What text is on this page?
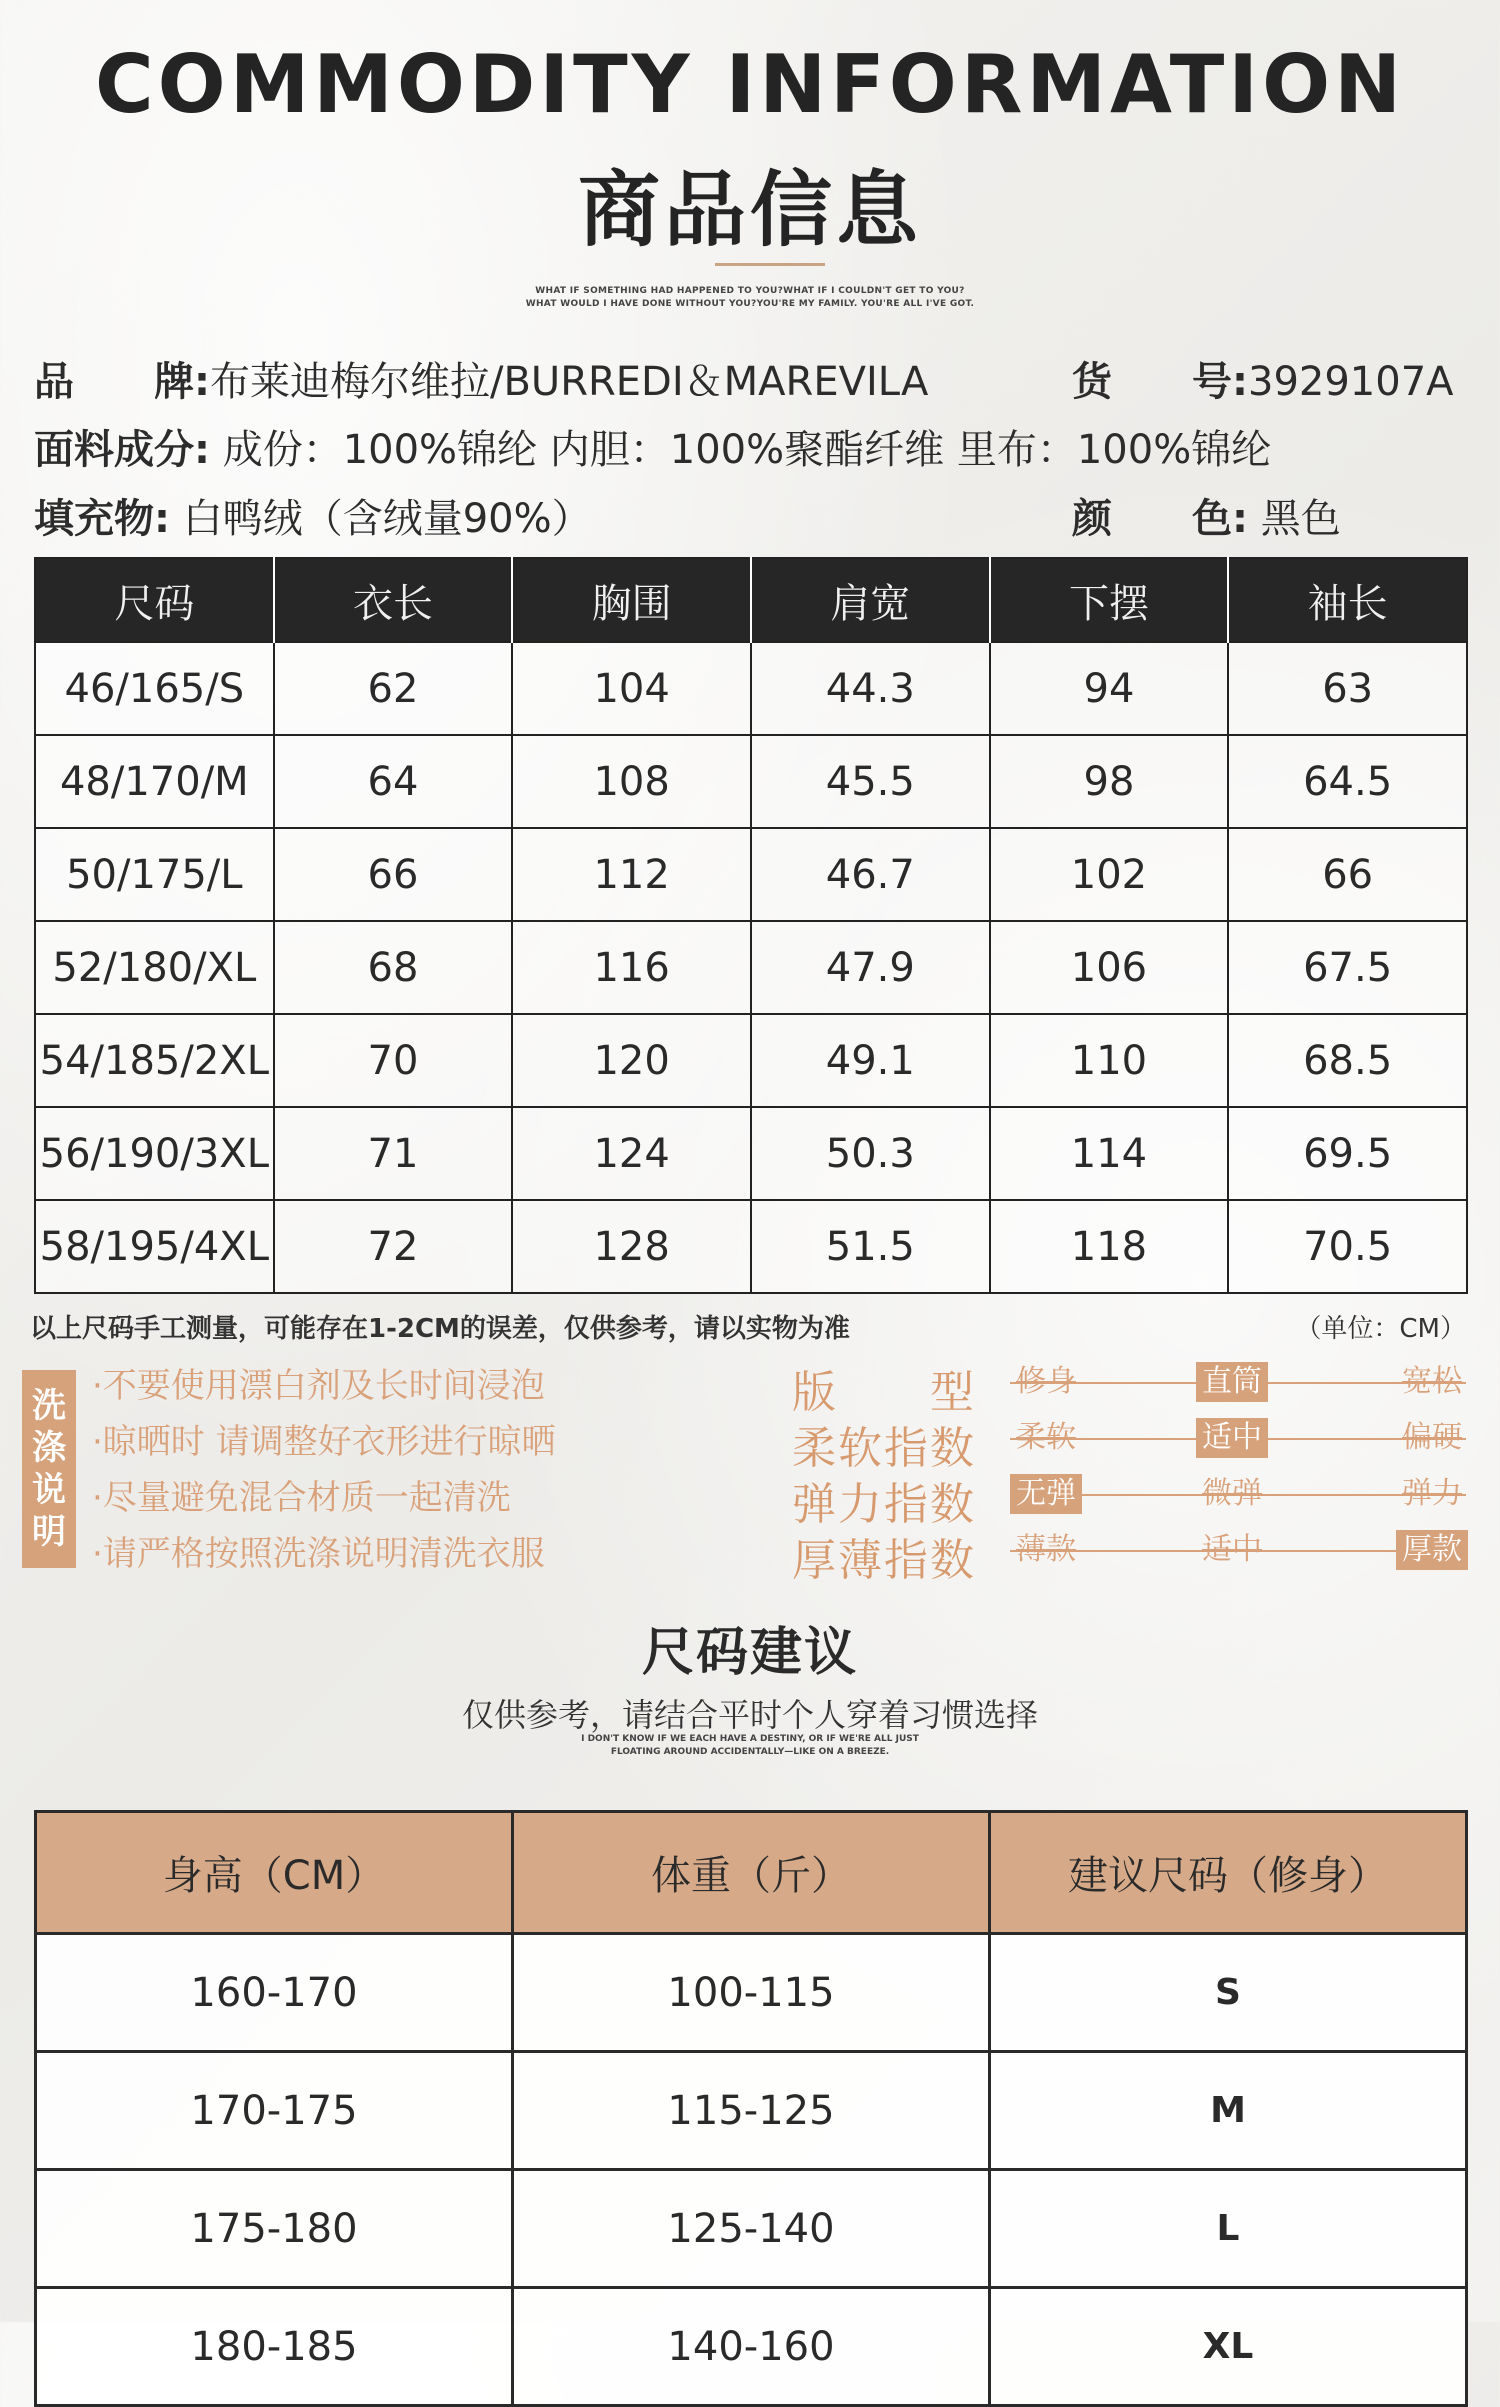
COMMODITY INFORMATION
商品信息
WHAT IF SOMETHING HAD HAPPENED TO YOU?WHAT IF I COULDN'T GET TO YOU?
WHAT WOULD I HAVE DONE WITHOUT YOU?YOU'RE MY FAMILY. YOU'RE ALL I'VE GOT.
品　　牌:布莱迪梅尔维拉/BURREDI＆MAREVILA	货　　号:3929107A
面料成分: 成份：100%锦纶 内胆：100%聚酯纤维 里布：100%锦纶
填充物: 白鸭绒（含绒量90%）	颜　　色: 黑色
尺码	衣长	胸围	肩宽	下摆	袖长
46/165/S	62	104	44.3	94	63
48/170/M	64	108	45.5	98	64.5
50/175/L	66	112	46.7	102	66
52/180/XL	68	116	47.9	106	67.5
54/185/2XL	70	120	49.1	110	68.5
56/190/3XL	71	124	50.3	114	69.5
58/195/4XL	72	128	51.5	118	70.5
以上尺码手工测量，可能存在1-2CM的误差，仅供参考，请以实物为准	（单位：CM）
洗
涤
说
明
·不要使用漂白剂及长时间浸泡
·晾晒时 请调整好衣形进行晾晒
·尽量避免混合材质一起清洗
·请严格按照洗涤说明清洗衣服
版　型 修身	直筒	宽松
柔软指数 柔软	适中	偏硬
弹力指数 无弹	微弹	弹力
厚薄指数 薄款	适中	厚款
尺码建议
仅供参考，请结合平时个人穿着习惯选择
I DON'T KNOW IF WE EACH HAVE A DESTINY, OR IF WE'RE ALL JUST
FLOATING AROUND ACCIDENTALLY—LIKE ON A BREEZE.
身高（CM）	体重（斤）	建议尺码（修身）
160-170	100-115	S
170-175	115-125	M
175-180	125-140	L
180-185	140-160	XL
